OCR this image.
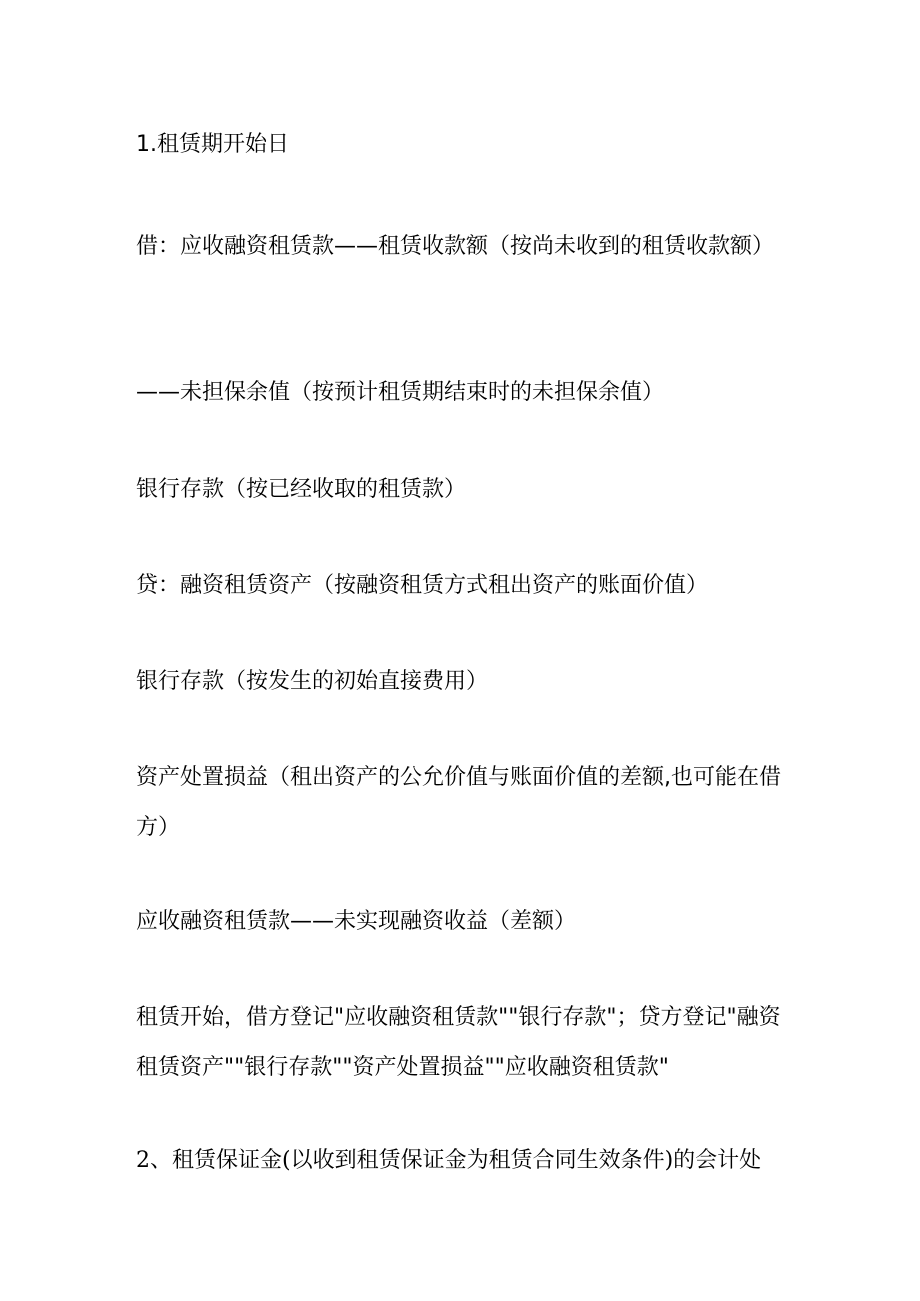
1.租赁期开始日

借：应收融资租赁款——租赁收款额（按尚未收到的租赁收款额）

——未担保余值（按预计租赁期结束时的未担保余值）

银行存款（按已经收取的租赁款）

贷：融资租赁资产（按融资租赁方式租出资产的账面价值）

银行存款（按发生的初始直接费用）

资产处置损益（租出资产的公允价值与账面价值的差额,也可能在借方）

应收融资租赁款——未实现融资收益（差额）

租赁开始，借方登记"应收融资租赁款""银行存款"；贷方登记"融资租赁资产""银行存款""资产处置损益""应收融资租赁款"

2、租赁保证金(以收到租赁保证金为租赁合同生效条件)的会计处
